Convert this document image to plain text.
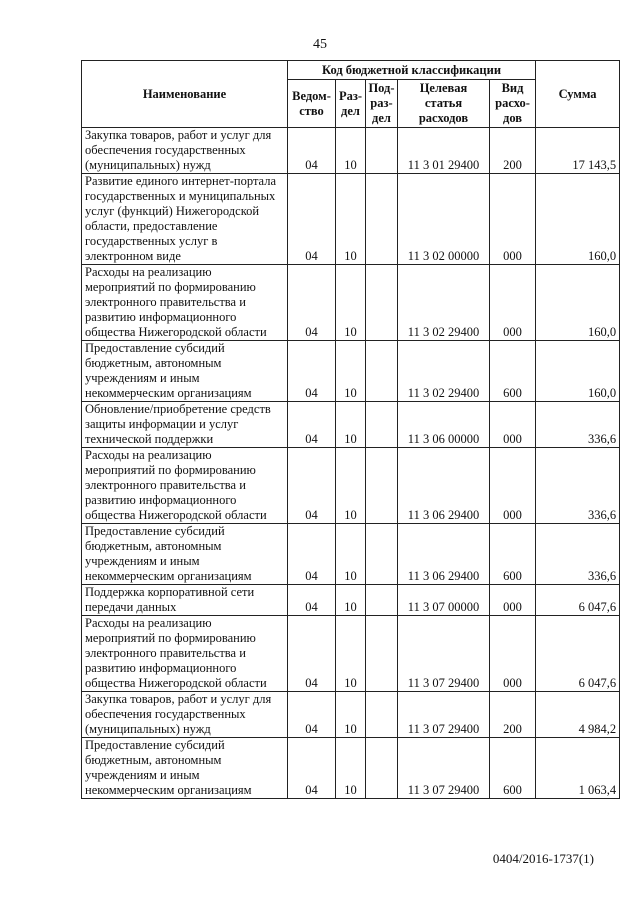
45
Наименование	Код бюджетной классификации					Сумма
	Ведом-ство	Раз-дел	Под-раз-дел	Целевая статья расходов	Вид расхо-дов	
Закупка товаров, работ и услуг для обеспечения государственных (муниципальных) нужд	04	10		11 3 01 29400	200	17 143,5
Развитие единого интернет-портала государственных и муниципальных услуг (функций) Нижегородской области, предоставление государственных услуг в электронном виде	04	10		11 3 02 00000	000	160,0
Расходы на реализацию мероприятий по формированию электронного правительства и развитию информационного общества Нижегородской области	04	10		11 3 02 29400	000	160,0
Предоставление субсидий бюджетным, автономным учреждениям и иным некоммерческим организациям	04	10		11 3 02 29400	600	160,0
Обновление/приобретение средств защиты информации и услуг технической поддержки	04	10		11 3 06 00000	000	336,6
Расходы на реализацию мероприятий по формированию электронного правительства и развитию информационного общества Нижегородской области	04	10		11 3 06 29400	000	336,6
Предоставление субсидий бюджетным, автономным учреждениям и иным некоммерческим организациям	04	10		11 3 06 29400	600	336,6
Поддержка корпоративной сети передачи данных	04	10		11 3 07 00000	000	6 047,6
Расходы на реализацию мероприятий по формированию электронного правительства и развитию информационного общества Нижегородской области	04	10		11 3 07 29400	000	6 047,6
Закупка товаров, работ и услуг для обеспечения государственных (муниципальных) нужд	04	10		11 3 07 29400	200	4 984,2
Предоставление субсидий бюджетным, автономным учреждениям и иным некоммерческим организациям	04	10		11 3 07 29400	600	1 063,4
0404/2016-1737(1)
